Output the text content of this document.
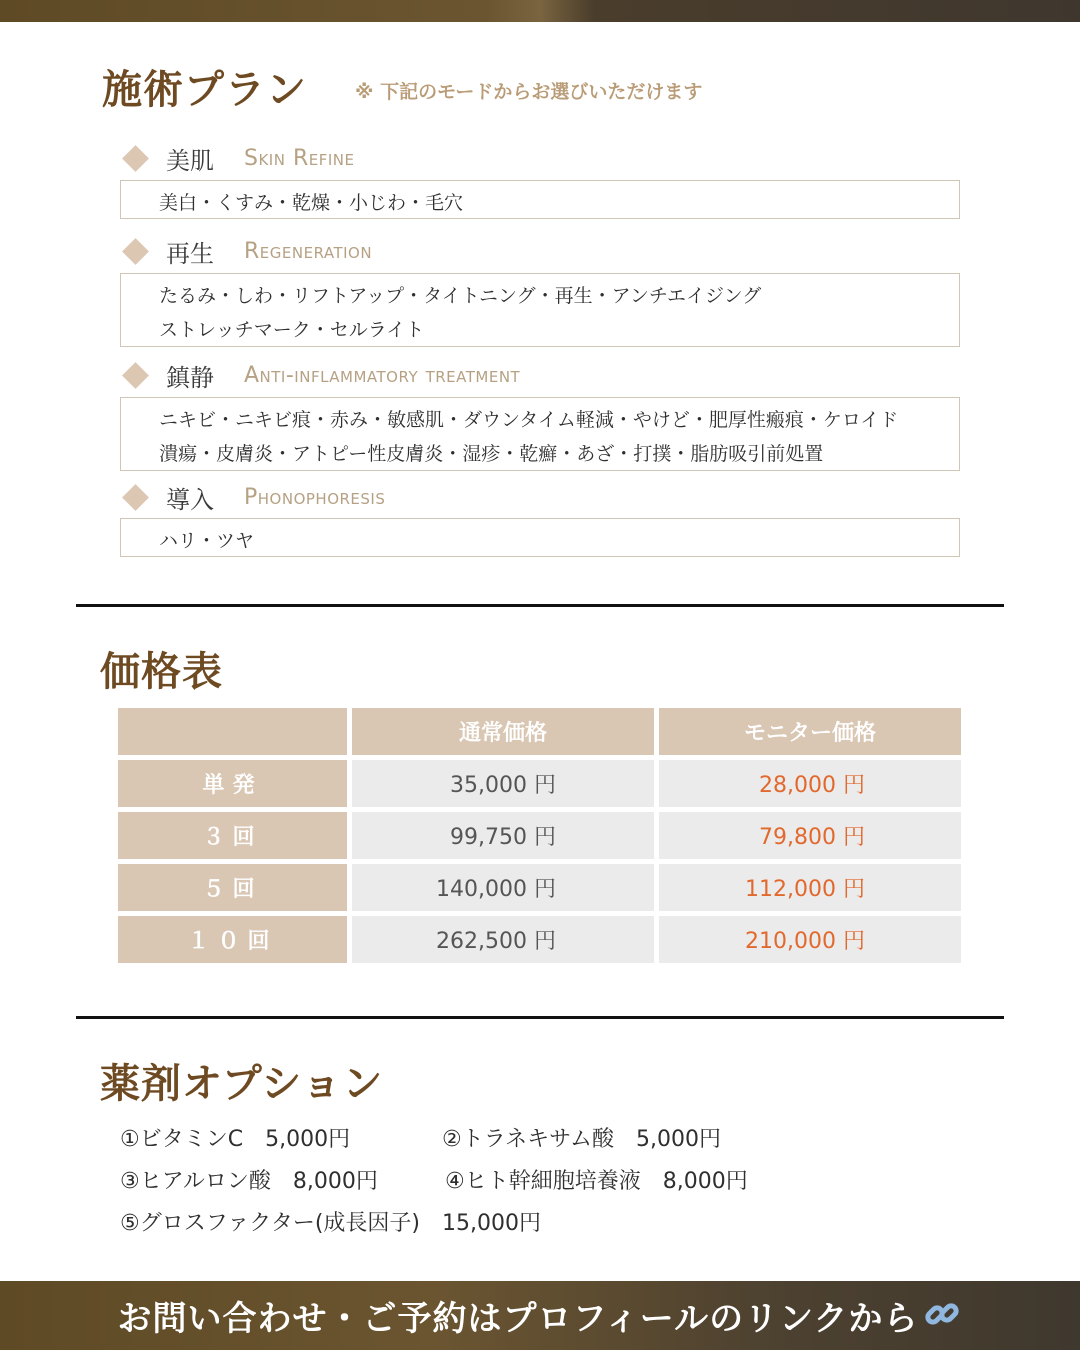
施術プラン	※ 下記のモードからお選びいただけます
美肌	Skin Refine
美白・くすみ・乾燥・小じわ・毛穴
再生	Regeneration
たるみ・しわ・リフトアップ・タイトニング・再生・アンチエイジング
ストレッチマーク・セルライト
鎮静	Anti-inflammatory treatment
ニキビ・ニキビ痕・赤み・敏感肌・ダウンタイム軽減・やけど・肥厚性瘢痕・ケロイド
潰瘍・皮膚炎・アトピー性皮膚炎・湿疹・乾癬・あざ・打撲・脂肪吸引前処置
導入	Phonophoresis
ハリ・ツヤ
価格表
	通常価格	モニター価格
単発	35,000 円	28,000 円
３回	99,750 円	79,800 円
５回	140,000 円	112,000 円
１０回	262,500 円	210,000 円
薬剤オプション
①ビタミンC　5,000円	②トラネキサム酸　5,000円
③ヒアルロン酸　8,000円	④ヒト幹細胞培養液　8,000円
⑤グロスファクター(成長因子)　15,000円
お問い合わせ・ご予約はプロフィールのリンクから
